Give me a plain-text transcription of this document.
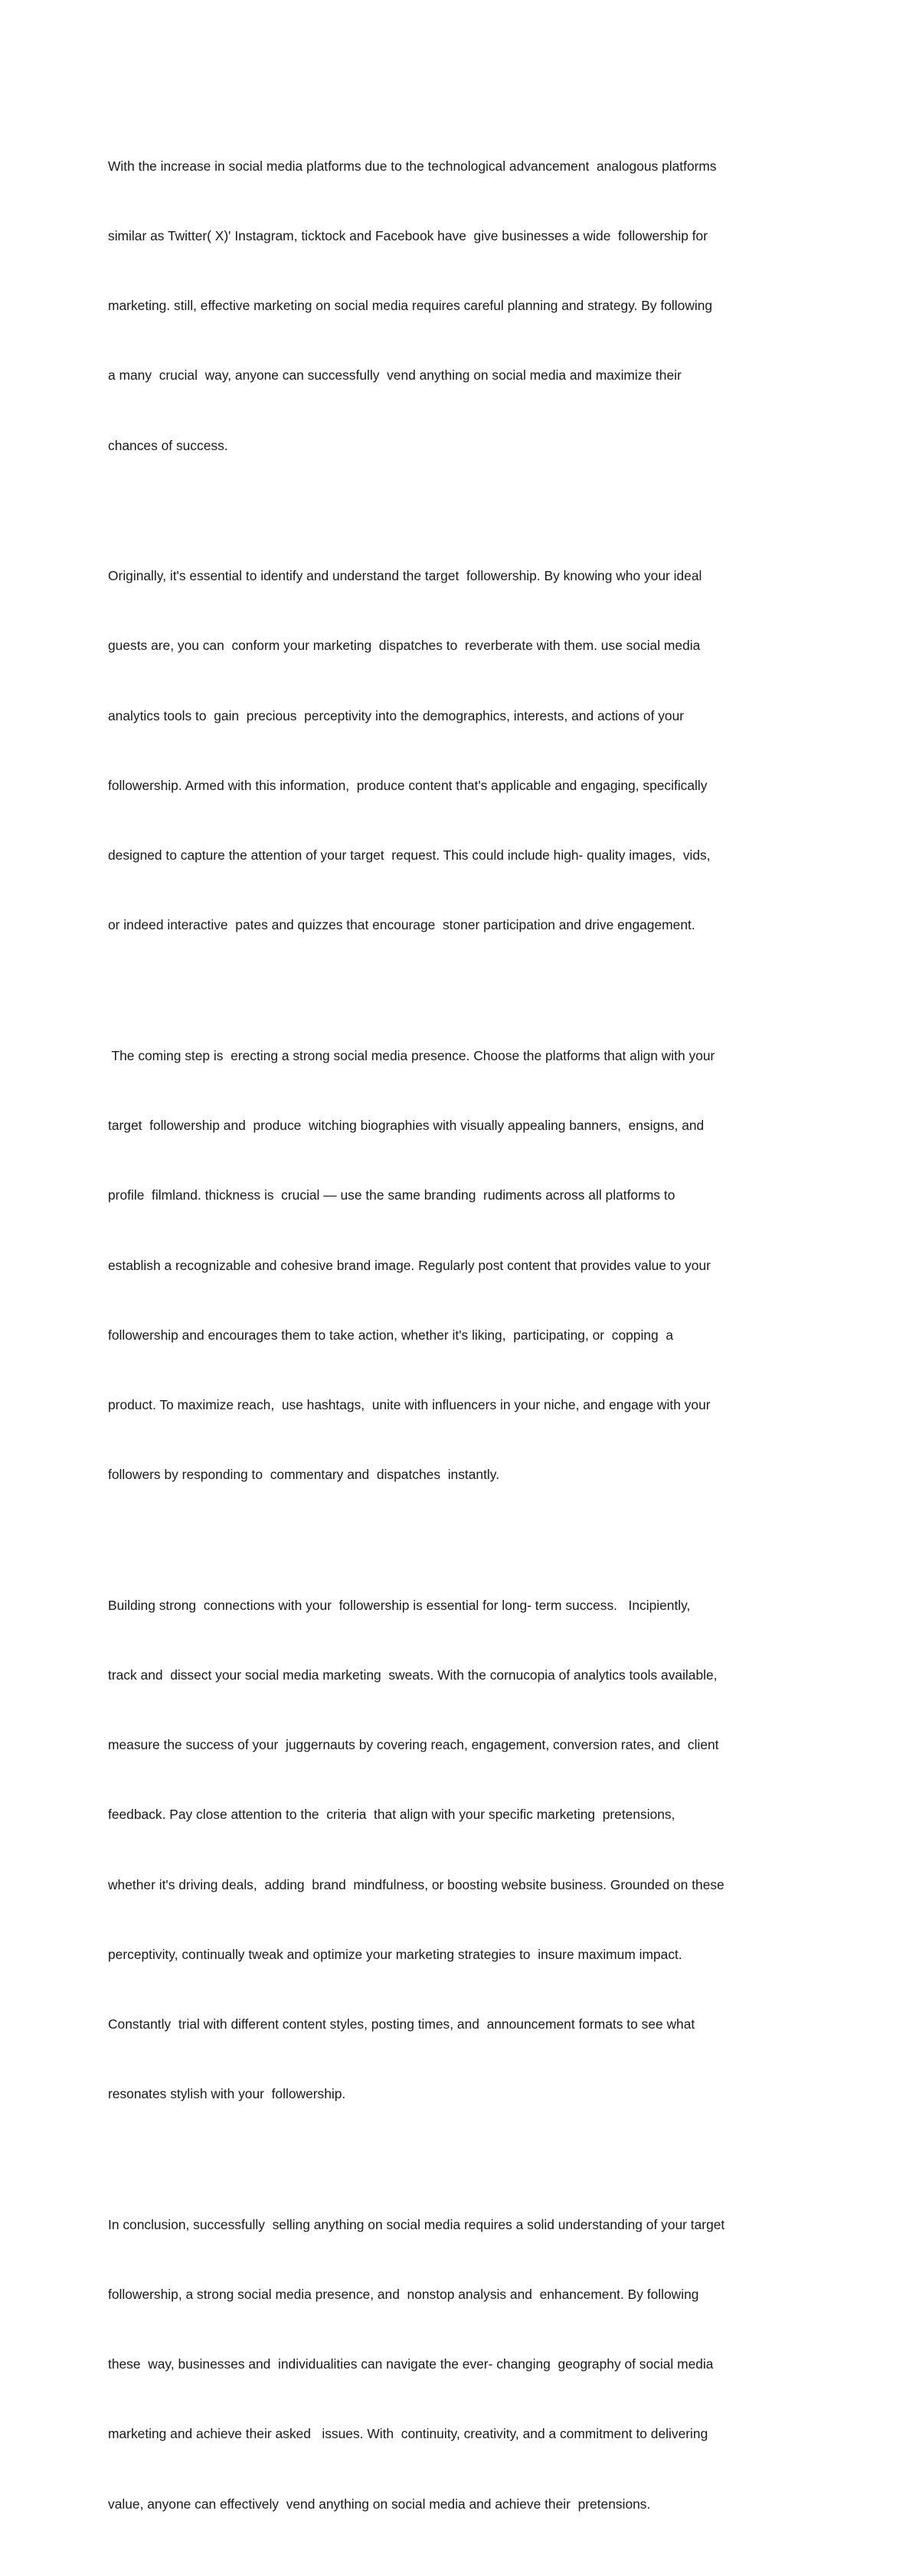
With the increase in social media platforms due to the technological advancement  analogous platforms

similar as Twitter( X)' Instagram, ticktock and Facebook have  give businesses a wide  followership for

marketing. still, effective marketing on social media requires careful planning and strategy. By following

a many  crucial  way, anyone can successfully  vend anything on social media and maximize their

chances of success.

Originally, it's essential to identify and understand the target  followership. By knowing who your ideal

guests are, you can  conform your marketing  dispatches to  reverberate with them. use social media

analytics tools to  gain  precious  perceptivity into the demographics, interests, and actions of your

followership. Armed with this information,  produce content that's applicable and engaging, specifically

designed to capture the attention of your target  request. This could include high- quality images,  vids,

or indeed interactive  pates and quizzes that encourage  stoner participation and drive engagement.

The coming step is  erecting a strong social media presence. Choose the platforms that align with your

target  followership and  produce  witching biographies with visually appealing banners,  ensigns, and

profile  filmland. thickness is  crucial — use the same branding  rudiments across all platforms to

establish a recognizable and cohesive brand image. Regularly post content that provides value to your

followership and encourages them to take action, whether it's liking,  participating, or  copping  a

product. To maximize reach,  use hashtags,  unite with influencers in your niche, and engage with your

followers by responding to  commentary and  dispatches  instantly.

Building strong  connections with your  followership is essential for long- term success.   Incipiently,

track and  dissect your social media marketing  sweats. With the cornucopia of analytics tools available,

measure the success of your  juggernauts by covering reach, engagement, conversion rates, and  client

feedback. Pay close attention to the  criteria  that align with your specific marketing  pretensions,

whether it's driving deals,  adding  brand  mindfulness, or boosting website business. Grounded on these

perceptivity, continually tweak and optimize your marketing strategies to  insure maximum impact.

Constantly  trial with different content styles, posting times, and  announcement formats to see what

resonates stylish with your  followership.

In conclusion, successfully  selling anything on social media requires a solid understanding of your target

followership, a strong social media presence, and  nonstop analysis and  enhancement. By following

these  way, businesses and  individualities can navigate the ever- changing  geography of social media

marketing and achieve their asked   issues. With  continuity, creativity, and a commitment to delivering

value, anyone can effectively  vend anything on social media and achieve their  pretensions.
